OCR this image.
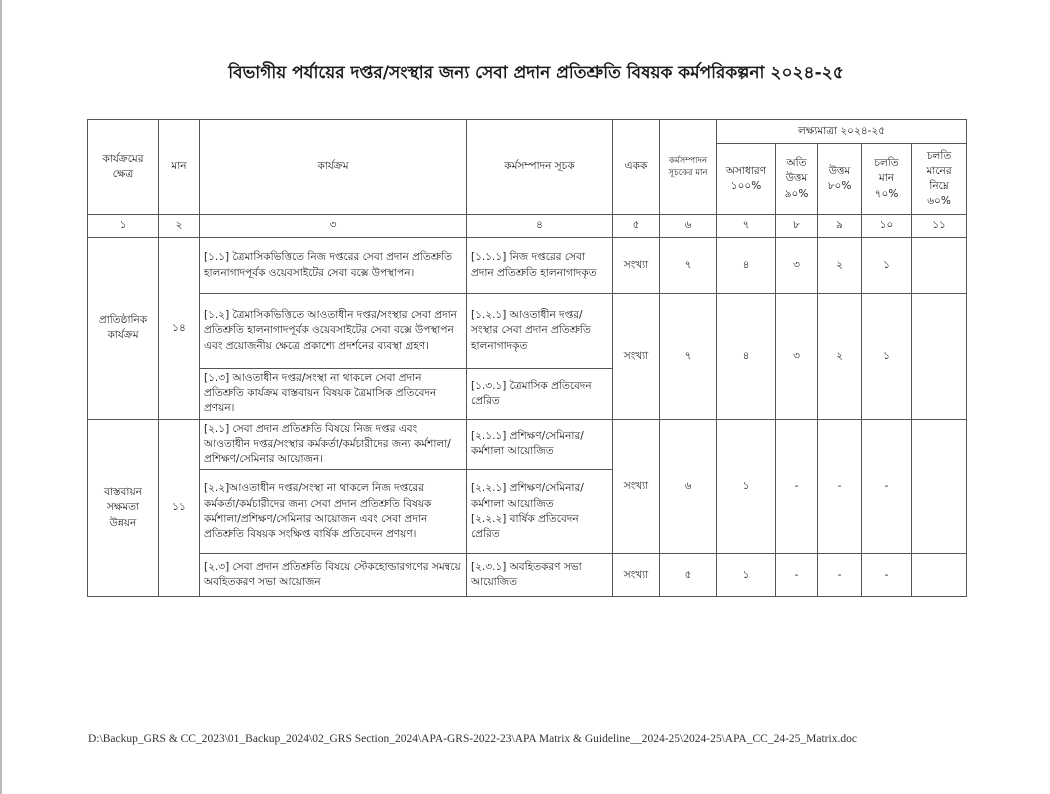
বিভাগীয় পর্যায়ের দপ্তর/সংস্থার জন্য সেবা প্রদান প্রতিশ্রুতি বিষয়ক কর্মপরিকল্পনা ২০২৪-২৫
কার্যক্রমের ক্ষেত্র	মান	কার্যক্রম	কর্মসম্পাদন সূচক	একক	কর্মসম্পাদন সূচকের মান	লক্ষ্যমাত্রা ২০২৪-২৫				
						অসাধারণ ১০০%	অতি উত্তম ৯০%	উত্তম ৮০%	চলতি মান ৭০%	চলতি মানের নিম্নে ৬০%
১	২	৩	৪	৫	৬	৭	৮	৯	১০	১১
প্রাতিষ্ঠানিক কার্যক্রম	১৪	[১.১] ত্রৈমাসিকভিত্তিতে নিজ দপ্তরের সেবা প্রদান প্রতিশ্রুতি হালনাগাদপূর্বক ওয়েবসাইটের সেবা বক্সে উপস্থাপন।	[১.১.১] নিজ দপ্তরের সেবা প্রদান প্রতিশ্রুতি হালনাগাদকৃত	সংখ্যা	৭	৪	৩	২	১	
		[১.২] ত্রৈমাসিকভিত্তিতে আওতাধীন দপ্তর/সংস্থার সেবা প্রদান প্রতিশ্রুতি হালনাগাদপূর্বক ওয়েবসাইটের সেবা বক্সে উপস্থাপন এবং প্রয়োজনীয় ক্ষেত্রে প্রকাশ্যে প্রদর্শনের ব্যবস্থা গ্রহণ।	[১.২.১] আওতাধীন দপ্তর/ সংস্থার সেবা প্রদান প্রতিশ্রুতি হালনাগাদকৃত	সংখ্যা	৭	৪	৩	২	১	
		[১.৩] আওতাধীন দপ্তর/সংস্থা না থাকলে সেবা প্রদান প্রতিশ্রুতি কার্যক্রম বাস্তবায়ন বিষয়ক ত্রৈমাসিক প্রতিবেদন প্রণয়ন।	[১.৩.১] ত্রৈমাসিক প্রতিবেদন প্রেরিত							
বাস্তবায়ন সক্ষমতা উন্নয়ন	১১	[২.১] সেবা প্রদান প্রতিশ্রুতি বিষয়ে নিজ দপ্তর এবং আওতাধীন দপ্তর/সংস্থার কর্মকর্তা/কর্মচারীদের জন্য কর্মশালা/প্রশিক্ষণ/সেমিনার আয়োজন।	[২.১.১] প্রশিক্ষণ/সেমিনার/ কর্মশালা আয়োজিত	সংখ্যা	৬	১	-	-	-	
		[২.২]আওতাধীন দপ্তর/সংস্থা না থাকলে নিজ দপ্তরের কর্মকর্তা/কর্মচারীদের জন্য সেবা প্রদান প্রতিশ্রুতি বিষয়ক কর্মশালা/প্রশিক্ষণ/সেমিনার আয়োজন এবং সেবা প্রদান প্রতিশ্রুতি বিষয়ক সংক্ষিপ্ত বার্ষিক প্রতিবেদন প্রণয়ণ।	[২.২.১] প্রশিক্ষণ/সেমিনার/ কর্মশালা আয়োজিত
[২.২.২] বার্ষিক প্রতিবেদন প্রেরিত							

		[২.৩] সেবা প্রদান প্রতিশ্রুতি বিষয়ে স্টেকহোল্ডারগণের সমন্বয়ে অবহিতকরণ সভা আয়োজন	[২.৩.১] অবহিতকরণ সভা আয়োজিত	সংখ্যা	৫	১	-	-	-	
D:\Backup_GRS & CC_2023\01_Backup_2024\02_GRS Section_2024\APA-GRS-2022-23\APA Matrix & Guideline__2024-25\2024-25\APA_CC_24-25_Matrix.doc
